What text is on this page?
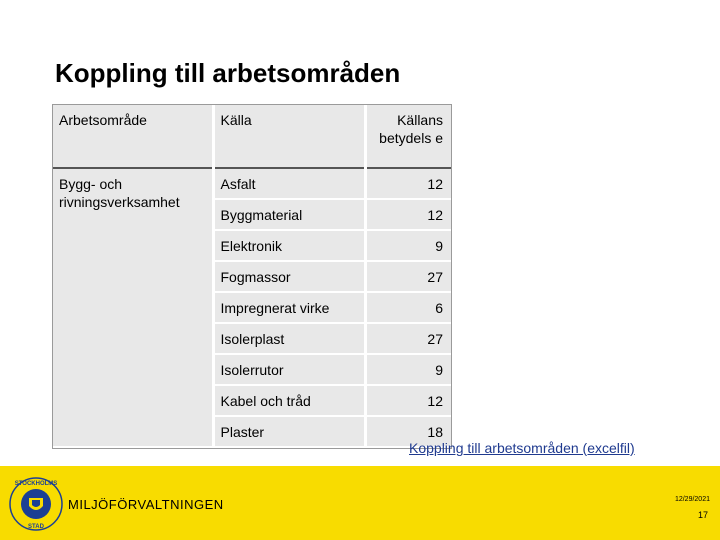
Koppling till arbetsområden
Arbetsområde	Källa	Källans betydels e
Bygg- och rivningsverksamhet	Asfalt	12
	Byggmaterial	12
	Elektronik	9
	Fogmassor	27
	Impregnerat virke	6
	Isolerplast	27
	Isolerrutor	9
	Kabel och tråd	12
	Plaster	18
Koppling till arbetsområden (excelfil)
STOCKHOLMS
STAD
MILJÖFÖRVALTNINGEN	12/29/2021
17
